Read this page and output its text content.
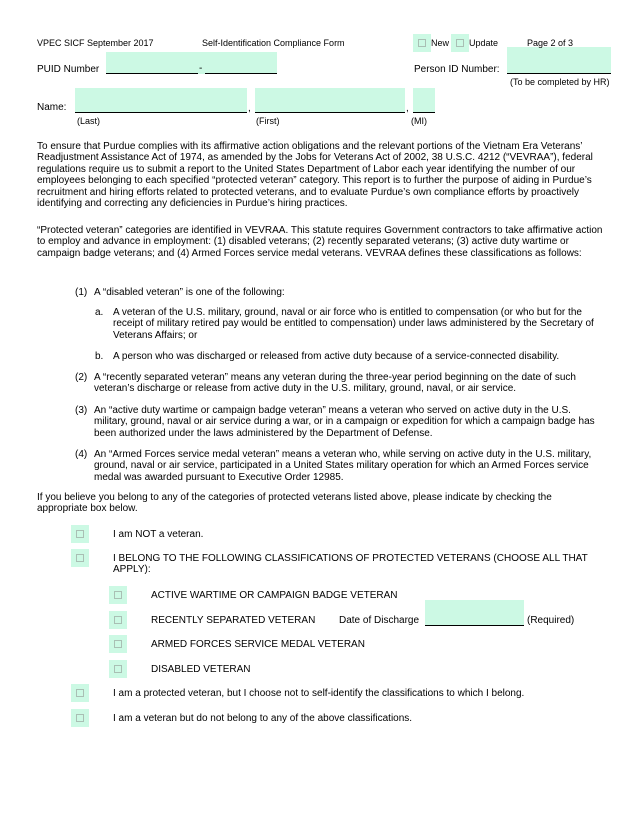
VPEC SICF September 2017	Self-Identification Compliance Form	New Update	Page 2 of 3
PUID Number	-	Person ID Number:
(To be completed by HR)
Name:	,	,
(Last)	(First)	(MI)
To ensure that Purdue complies with its affirmative action obligations and the relevant portions of the Vietnam Era Veterans’ Readjustment Assistance Act of 1974, as amended by the Jobs for Veterans Act of 2002, 38 U.S.C. 4212 (“VEVRAA”), federal regulations require us to submit a report to the United States Department of Labor each year identifying the number of our employees belonging to each specified “protected veteran” category. This report is to further the purpose of aiding in Purdue’s recruitment and hiring efforts related to protected veterans, and to evaluate Purdue’s own compliance efforts by proactively identifying and correcting any deficiencies in Purdue’s hiring practices.
“Protected veteran” categories are identified in VEVRAA. This statute requires Government contractors to take affirmative action to employ and advance in employment: (1) disabled veterans; (2) recently separated veterans; (3) active duty wartime or campaign badge veterans; and (4) Armed Forces service medal veterans. VEVRAA defines these classifications as follows:
(1) A “disabled veteran” is one of the following:
a. A veteran of the U.S. military, ground, naval or air force who is entitled to compensation (or who but for the receipt of military retired pay would be entitled to compensation) under laws administered by the Secretary of Veterans Affairs; or
b. A person who was discharged or released from active duty because of a service-connected disability.
(2) A “recently separated veteran” means any veteran during the three-year period beginning on the date of such veteran’s discharge or release from active duty in the U.S. military, ground, naval, or air service.
(3) An “active duty wartime or campaign badge veteran” means a veteran who served on active duty in the U.S. military, ground, naval or air service during a war, or in a campaign or expedition for which a campaign badge has been authorized under the laws administered by the Department of Defense.
(4) An “Armed Forces service medal veteran” means a veteran who, while serving on active duty in the U.S. military, ground, naval or air service, participated in a United States military operation for which an Armed Forces service medal was awarded pursuant to Executive Order 12985.
If you believe you belong to any of the categories of protected veterans listed above, please indicate by checking the appropriate box below.
I am NOT a veteran.
I BELONG TO THE FOLLOWING CLASSIFICATIONS OF PROTECTED VETERANS (CHOOSE ALL THAT APPLY):
ACTIVE WARTIME OR CAMPAIGN BADGE VETERAN
RECENTLY SEPARATED VETERAN Date of Discharge	(Required)
ARMED FORCES SERVICE MEDAL VETERAN
DISABLED VETERAN
I am a protected veteran, but I choose not to self-identify the classifications to which I belong.
I am a veteran but do not belong to any of the above classifications.
